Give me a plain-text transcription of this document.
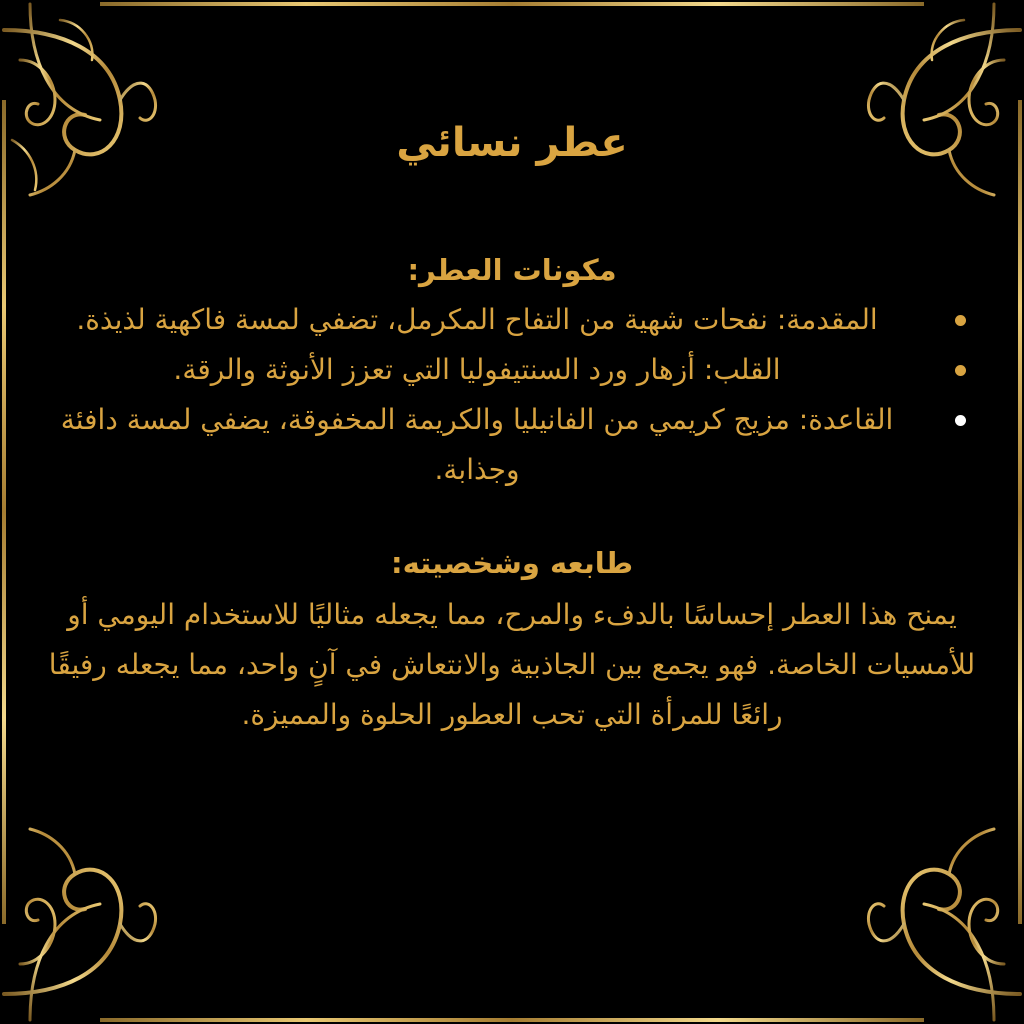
عطر نسائي
مكونات العطر:
المقدمة: نفحات شهية من التفاح المكرمل، تضفي لمسة فاكهية لذيذة.
القلب: أزهار ورد السنتيفوليا التي تعزز الأنوثة والرقة.
القاعدة: مزيج كريمي من الفانيليا والكريمة المخفوقة، يضفي لمسة دافئة وجذابة.
طابعه وشخصيته:

يمنح هذا العطر إحساسًا بالدفء والمرح، مما يجعله مثاليًا للاستخدام اليومي أو للأمسيات الخاصة. فهو يجمع بين الجاذبية والانتعاش في آنٍ واحد، مما يجعله رفيقًا رائعًا للمرأة التي تحب العطور الحلوة والمميزة.
